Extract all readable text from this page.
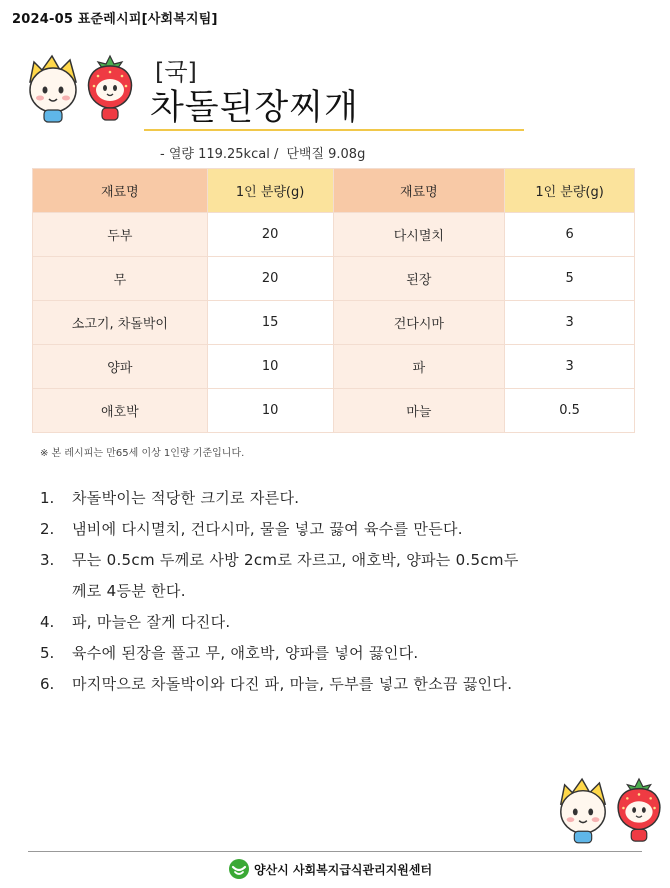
2024-05 표준레시피[사회복지팀]
[국]
차돌된장찌개
- 열량 119.25kcal / 단백질 9.08g
재료명	1인 분량(g)	재료명	1인 분량(g)
두부	20	다시멸치	6
무	20	된장	5
소고기, 차돌박이	15	건다시마	3
양파	10	파	3
애호박	10	마늘	0.5
※ 본 레시피는 만65세 이상 1인량 기준입니다.
1.	차돌박이는 적당한 크기로 자른다.
2.	냄비에 다시멸치, 건다시마, 물을 넣고 끓여 육수를 만든다.
3.	무는 0.5cm 두께로 사방 2cm로 자르고, 애호박, 양파는 0.5cm두께로 4등분 한다.
4.	파, 마늘은 잘게 다진다.
5.	육수에 된장을 풀고 무, 애호박, 양파를 넣어 끓인다.
6.	마지막으로 차돌박이와 다진 파, 마늘, 두부를 넣고 한소끔 끓인다.
양산시 사회복지급식관리지원센터
